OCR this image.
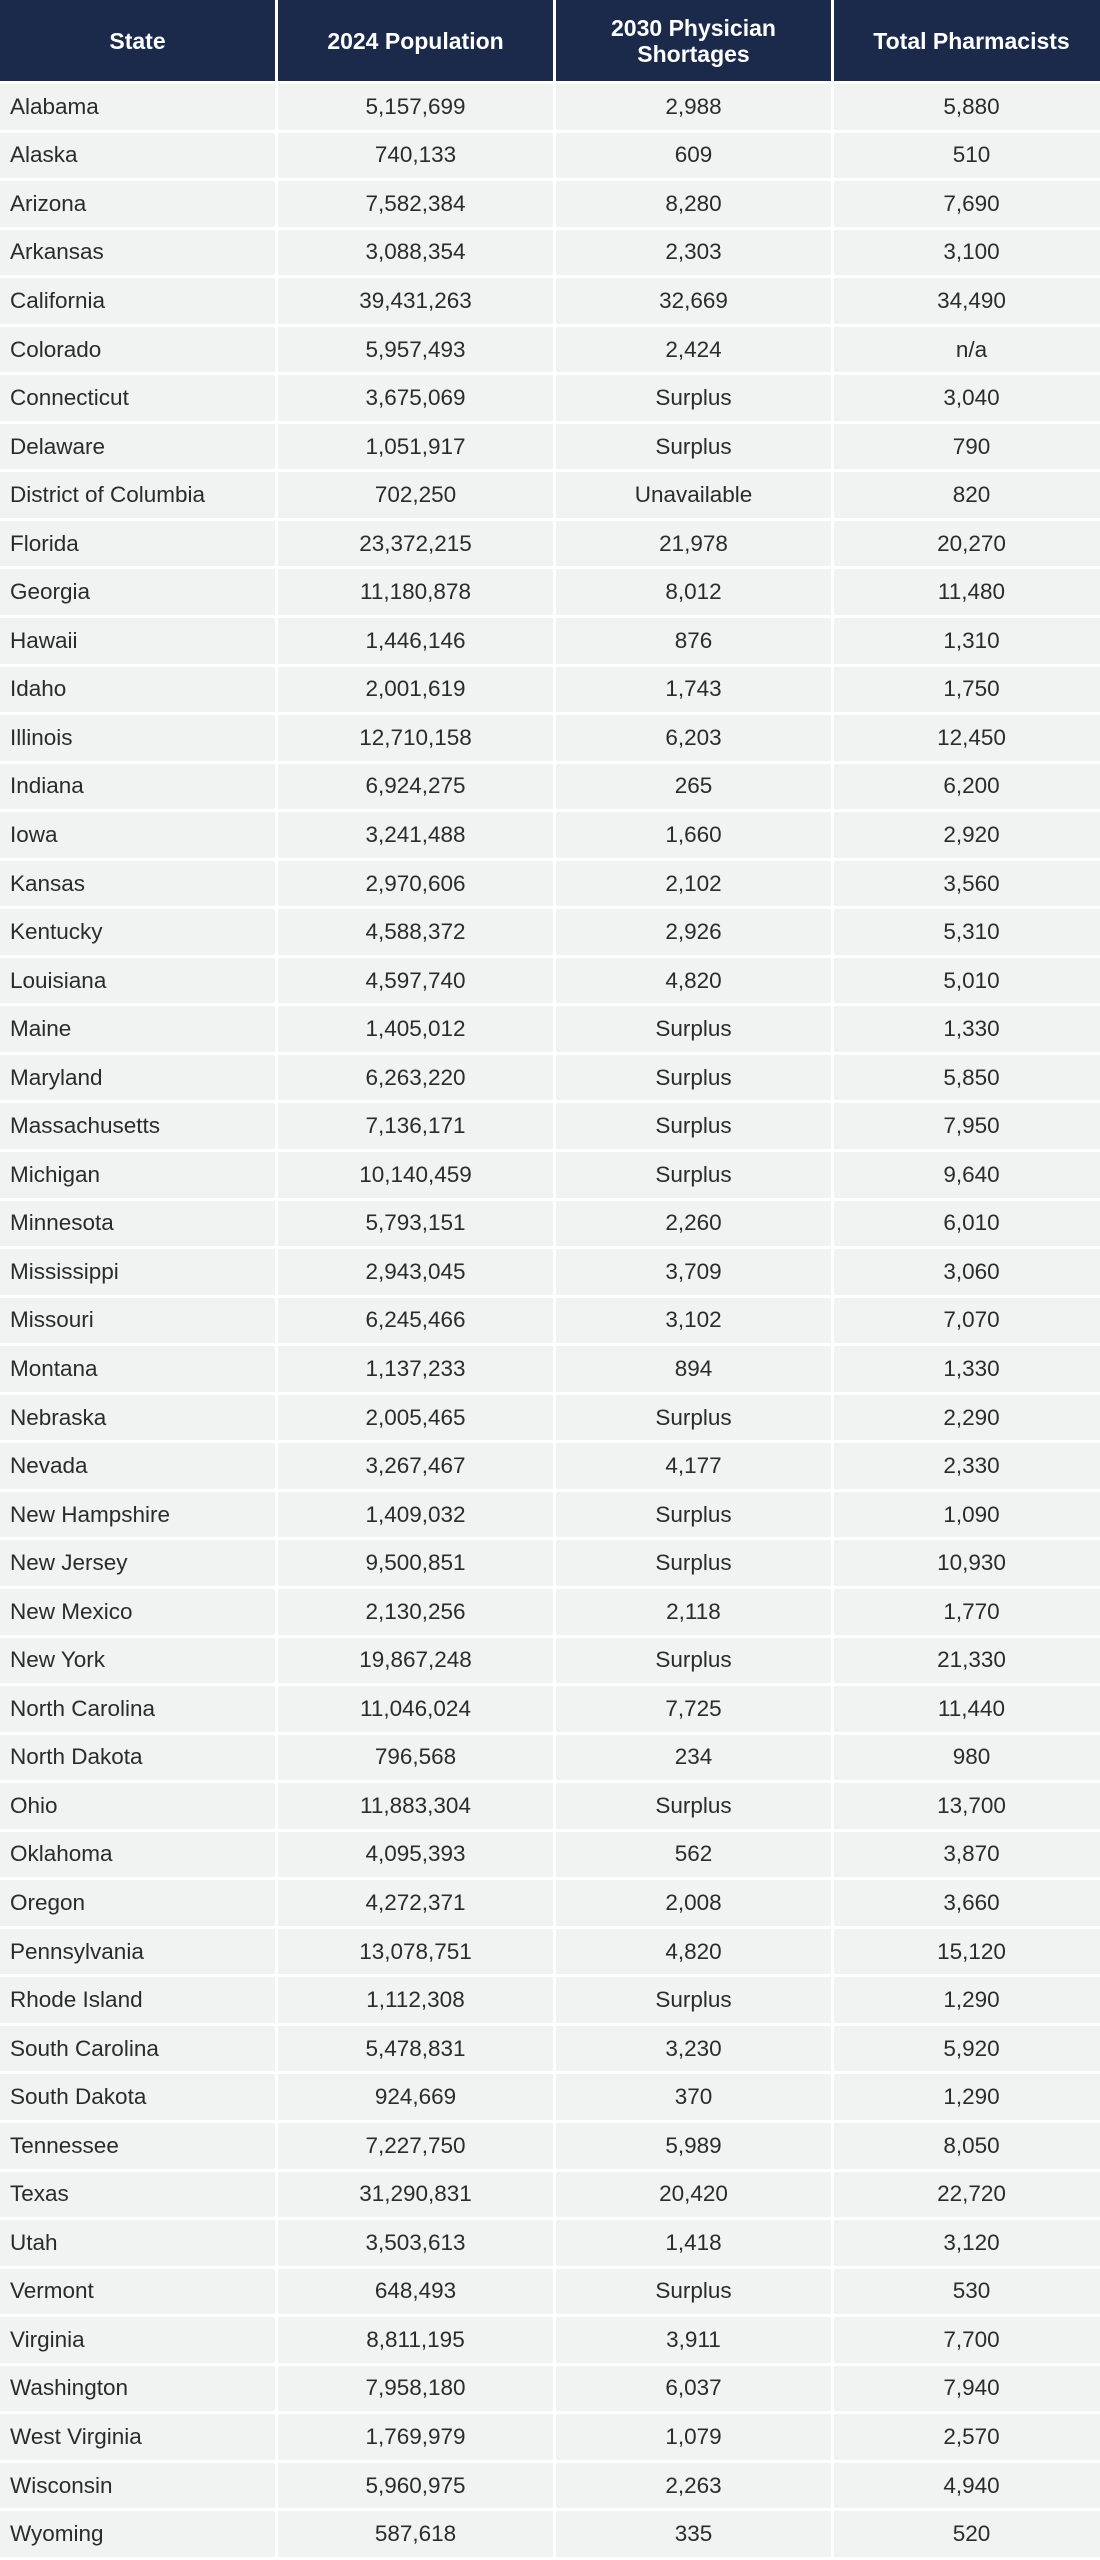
State	2024 Population	2030 Physician Shortages	Total Pharmacists
Alabama	5,157,699	2,988	5,880
Alaska	740,133	609	510
Arizona	7,582,384	8,280	7,690
Arkansas	3,088,354	2,303	3,100
California	39,431,263	32,669	34,490
Colorado	5,957,493	2,424	n/a
Connecticut	3,675,069	Surplus	3,040
Delaware	1,051,917	Surplus	790
District of Columbia	702,250	Unavailable	820
Florida	23,372,215	21,978	20,270
Georgia	11,180,878	8,012	11,480
Hawaii	1,446,146	876	1,310
Idaho	2,001,619	1,743	1,750
Illinois	12,710,158	6,203	12,450
Indiana	6,924,275	265	6,200
Iowa	3,241,488	1,660	2,920
Kansas	2,970,606	2,102	3,560
Kentucky	4,588,372	2,926	5,310
Louisiana	4,597,740	4,820	5,010
Maine	1,405,012	Surplus	1,330
Maryland	6,263,220	Surplus	5,850
Massachusetts	7,136,171	Surplus	7,950
Michigan	10,140,459	Surplus	9,640
Minnesota	5,793,151	2,260	6,010
Mississippi	2,943,045	3,709	3,060
Missouri	6,245,466	3,102	7,070
Montana	1,137,233	894	1,330
Nebraska	2,005,465	Surplus	2,290
Nevada	3,267,467	4,177	2,330
New Hampshire	1,409,032	Surplus	1,090
New Jersey	9,500,851	Surplus	10,930
New Mexico	2,130,256	2,118	1,770
New York	19,867,248	Surplus	21,330
North Carolina	11,046,024	7,725	11,440
North Dakota	796,568	234	980
Ohio	11,883,304	Surplus	13,700
Oklahoma	4,095,393	562	3,870
Oregon	4,272,371	2,008	3,660
Pennsylvania	13,078,751	4,820	15,120
Rhode Island	1,112,308	Surplus	1,290
South Carolina	5,478,831	3,230	5,920
South Dakota	924,669	370	1,290
Tennessee	7,227,750	5,989	8,050
Texas	31,290,831	20,420	22,720
Utah	3,503,613	1,418	3,120
Vermont	648,493	Surplus	530
Virginia	8,811,195	3,911	7,700
Washington	7,958,180	6,037	7,940
West Virginia	1,769,979	1,079	2,570
Wisconsin	5,960,975	2,263	4,940
Wyoming	587,618	335	520
